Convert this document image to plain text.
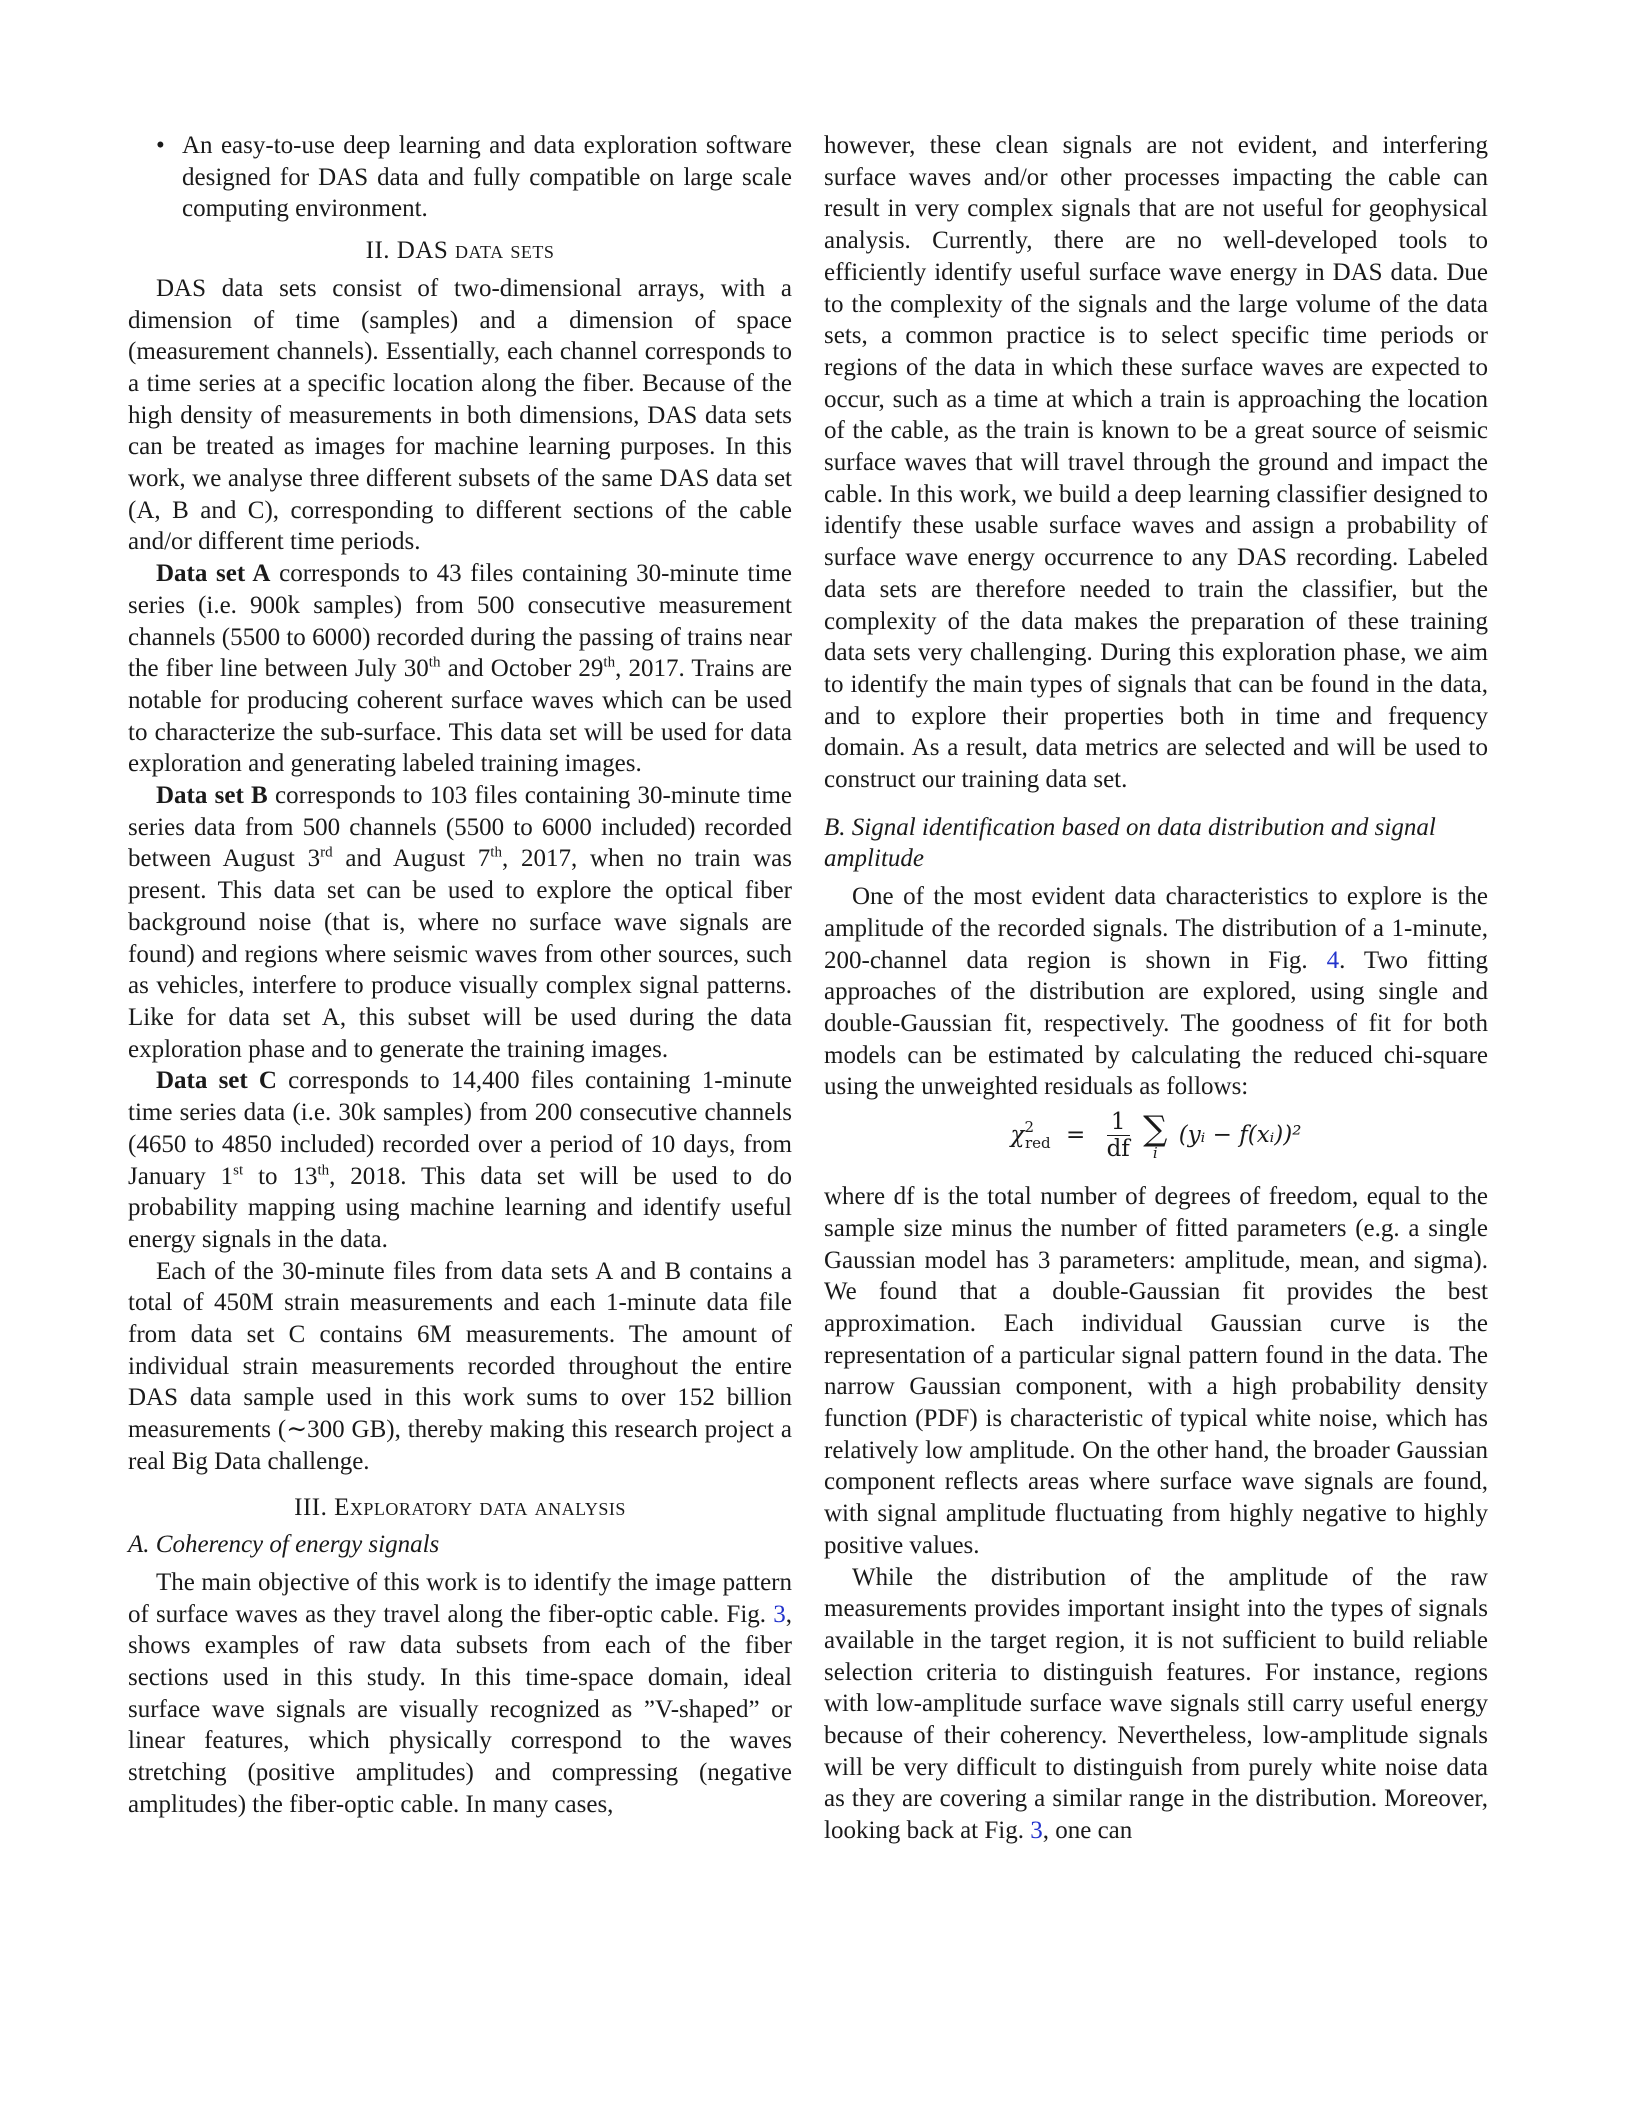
• An easy-to-use deep learning and data exploration software designed for DAS data and fully compatible on large scale computing environment.
II. DAS data sets

DAS data sets consist of two-dimensional arrays, with a dimension of time (samples) and a dimension of space (measurement channels). Essentially, each channel corresponds to a time series at a specific location along the fiber. Because of the high density of measurements in both dimensions, DAS data sets can be treated as images for machine learning purposes. In this work, we analyse three different subsets of the same DAS data set (A, B and C), corresponding to different sections of the cable and/or different time periods.

Data set A corresponds to 43 files containing 30-minute time series (i.e. 900k samples) from 500 consecutive measurement channels (5500 to 6000) recorded during the passing of trains near the fiber line between July 30th and October 29th, 2017. Trains are notable for producing coherent surface waves which can be used to characterize the sub-surface. This data set will be used for data exploration and generating labeled training images.

Data set B corresponds to 103 files containing 30-minute time series data from 500 channels (5500 to 6000 included) recorded between August 3rd and August 7th, 2017, when no train was present. This data set can be used to explore the optical fiber background noise (that is, where no surface wave signals are found) and regions where seismic waves from other sources, such as vehicles, interfere to produce visually complex signal patterns. Like for data set A, this subset will be used during the data exploration phase and to generate the training images.

Data set C corresponds to 14,400 files containing 1-minute time series data (i.e. 30k samples) from 200 consecutive channels (4650 to 4850 included) recorded over a period of 10 days, from January 1st to 13th, 2018. This data set will be used to do probability mapping using machine learning and identify useful energy signals in the data.

Each of the 30-minute files from data sets A and B contains a total of 450M strain measurements and each 1-minute data file from data set C contains 6M measurements. The amount of individual strain measurements recorded throughout the entire DAS data sample used in this work sums to over 152 billion measurements (∼300 GB), thereby making this research project a real Big Data challenge.

III. Exploratory data analysis
A. Coherency of energy signals

The main objective of this work is to identify the image pattern of surface waves as they travel along the fiber-optic cable. Fig. 3, shows examples of raw data subsets from each of the fiber sections used in this study. In this time-space domain, ideal surface wave signals are visually recognized as ”V-shaped” or linear features, which physically correspond to the waves stretching (positive amplitudes) and compressing (negative amplitudes) the fiber-optic cable. In many cases,

however, these clean signals are not evident, and interfering surface waves and/or other processes impacting the cable can result in very complex signals that are not useful for geophysical analysis. Currently, there are no well-developed tools to efficiently identify useful surface wave energy in DAS data. Due to the complexity of the signals and the large volume of the data sets, a common practice is to select specific time periods or regions of the data in which these surface waves are expected to occur, such as a time at which a train is approaching the location of the cable, as the train is known to be a great source of seismic surface waves that will travel through the ground and impact the cable. In this work, we build a deep learning classifier designed to identify these usable surface waves and assign a probability of surface wave energy occurrence to any DAS recording. Labeled data sets are therefore needed to train the classifier, but the complexity of the data makes the preparation of these training data sets very challenging. During this exploration phase, we aim to identify the main types of signals that can be found in the data, and to explore their properties both in time and frequency domain. As a result, data metrics are selected and will be used to construct our training data set.

B. Signal identification based on data distribution and signal amplitude

One of the most evident data characteristics to explore is the amplitude of the recorded signals. The distribution of a 1-minute, 200-channel data region is shown in Fig. 4. Two fitting approaches of the distribution are explored, using single and double-Gaussian fit, respectively. The goodness of fit for both models can be estimated by calculating the reduced chi-square using the unweighted residuals as follows:

$\chi^2_{red} = \frac{1}{df}$ ∑
i
(yᵢ − f(xᵢ))²

where df is the total number of degrees of freedom, equal to the sample size minus the number of fitted parameters (e.g. a single Gaussian model has 3 parameters: amplitude, mean, and sigma). We found that a double-Gaussian fit provides the best approximation. Each individual Gaussian curve is the representation of a particular signal pattern found in the data. The narrow Gaussian component, with a high probability density function (PDF) is characteristic of typical white noise, which has relatively low amplitude. On the other hand, the broader Gaussian component reflects areas where surface wave signals are found, with signal amplitude fluctuating from highly negative to highly positive values.

While the distribution of the amplitude of the raw measurements provides important insight into the types of signals available in the target region, it is not sufficient to build reliable selection criteria to distinguish features. For instance, regions with low-amplitude surface wave signals still carry useful energy because of their coherency. Nevertheless, low-amplitude signals will be very difficult to distinguish from purely white noise data as they are covering a similar range in the distribution. Moreover, looking back at Fig. 3, one can
